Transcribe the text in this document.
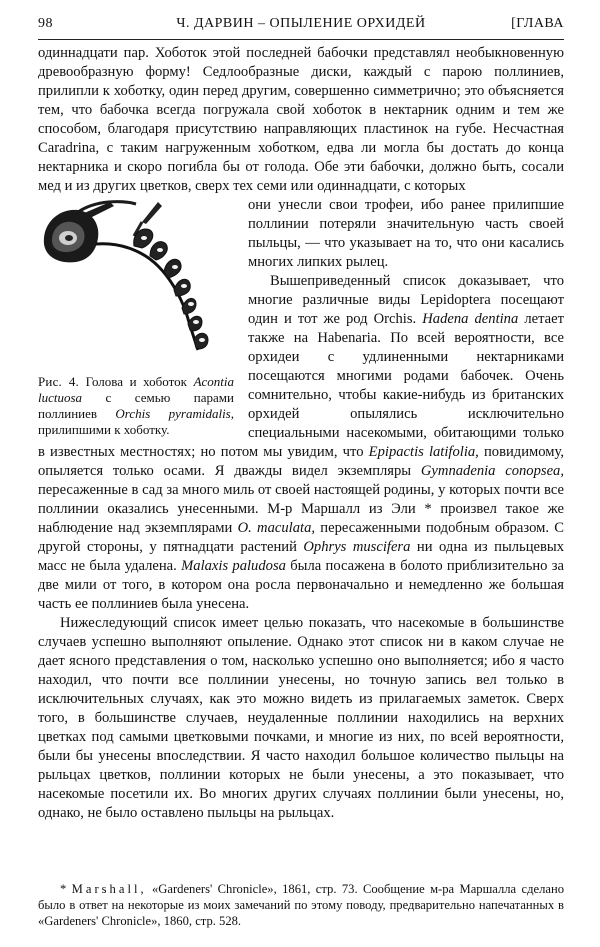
98	Ч. ДАРВИН – ОПЫЛЕНИЕ ОРХИДЕЙ	[ГЛАВА

одиннадцати пар. Хоботок этой последней бабочки представлял необыкновенную древообразную форму! Седлообразные диски, каждый с парою поллиниев, прилипли к хоботку, один перед другим, совершенно симметрично; это объясняется тем, что бабочка всегда погружала свой хоботок в нектарник одним и тем же способом, благодаря присутствию направляющих пластинок на губе. Несчастная Caradrina, с таким нагруженным хоботком, едва ли могла бы достать до конца нектарника и скоро погибла бы от голода. Обе эти бабочки, должно быть, сосали мед и из других цветков, сверх тех семи или одиннадцати, с которых

Рис. 4. Голова и хоботок Acontia luctuosa с семью парами поллиниев Orchis pyramidalis, прилипшими к хоботку.

они унесли свои трофеи, ибо ранее прилипшие поллинии потеряли значительную часть своей пыльцы, — что указывает на то, что они касались многих липких рылец.

Вышеприведенный список доказывает, что многие различные виды Lepidoptera посещают один и тот же род Orchis. Hadena dentina летает также на Habenaria. По всей вероятности, все орхидеи с удлиненными нектарниками посещаются многими родами бабочек. Очень сомнительно, чтобы какие-нибудь из британских орхидей опылялись исключительно специальными насекомыми, обитающими только в известных местностях; но потом мы увидим, что Epipactis latifolia, повидимому, опыляется только осами. Я дважды видел экземпляры Gymnadenia conopsea, пересаженные в сад за много миль от своей настоящей родины, у которых почти все поллинии оказались унесенными. М-р Маршалл из Эли * произвел такое же наблюдение над экземплярами O. maculata, пересаженными подобным образом. С другой стороны, у пятнадцати растений Ophrys muscifera ни одна из пыльцевых масс не была удалена. Malaxis paludosa была посажена в болото приблизительно за две мили от того, в котором она росла первоначально и немедленно же большая часть ее поллиниев была унесена.

Нижеследующий список имеет целью показать, что насекомые в большинстве случаев успешно выполняют опыление. Однако этот список ни в каком случае не дает ясного представления о том, насколько успешно оно выполняется; ибо я часто находил, что почти все поллинии унесены, но точную запись вел только в исключительных случаях, как это можно видеть из прилагаемых заметок. Сверх того, в большинстве случаев, неудаленные поллинии находились на верхних цветках под самыми цветковыми почками, и многие из них, по всей вероятности, были бы унесены впоследствии. Я часто находил большое количество пыльцы на рыльцах цветков, поллинии которых не были унесены, а это показывает, что насекомые посетили их. Во многих других случаях поллинии были унесены, но, однако, не было оставлено пыльцы на рыльцах.

* Marshall, «Gardeners' Chronicle», 1861, стр. 73. Сообщение м-ра Маршалла сделано было в ответ на некоторые из моих замечаний по этому поводу, предварительно напечатанных в «Gardeners' Chronicle», 1860, стр. 528.
